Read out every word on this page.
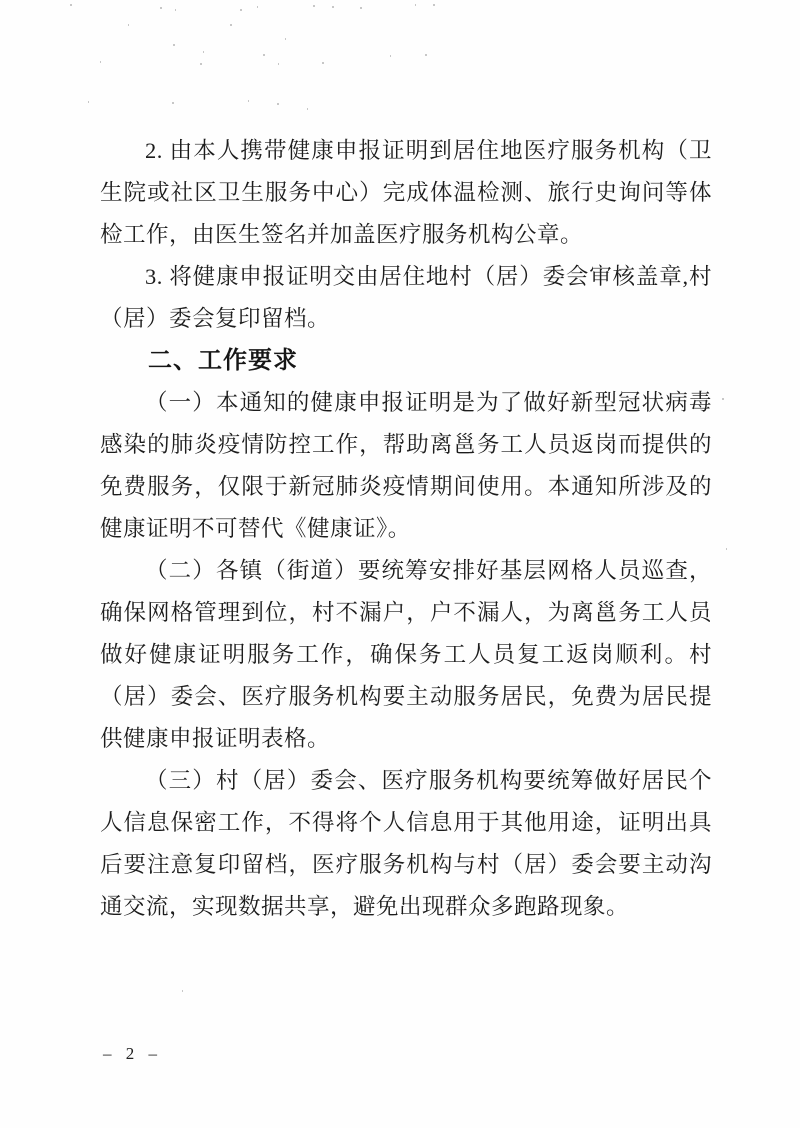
2. 由本人携带健康申报证明到居住地医疗服务机构（卫生院或社区卫生服务中心）完成体温检测、旅行史询问等体检工作，由医生签名并加盖医疗服务机构公章。

3. 将健康申报证明交由居住地村（居）委会审核盖章,村（居）委会复印留档。

二、工作要求

（一）本通知的健康申报证明是为了做好新型冠状病毒感染的肺炎疫情防控工作，帮助离邕务工人员返岗而提供的免费服务，仅限于新冠肺炎疫情期间使用。本通知所涉及的健康证明不可替代《健康证》。

（二）各镇（街道）要统筹安排好基层网格人员巡查，确保网格管理到位，村不漏户，户不漏人，为离邕务工人员做好健康证明服务工作，确保务工人员复工返岗顺利。村（居）委会、医疗服务机构要主动服务居民，免费为居民提供健康申报证明表格。

（三）村（居）委会、医疗服务机构要统筹做好居民个人信息保密工作，不得将个人信息用于其他用途，证明出具后要注意复印留档，医疗服务机构与村（居）委会要主动沟通交流，实现数据共享，避免出现群众多跑路现象。

– 2 –
